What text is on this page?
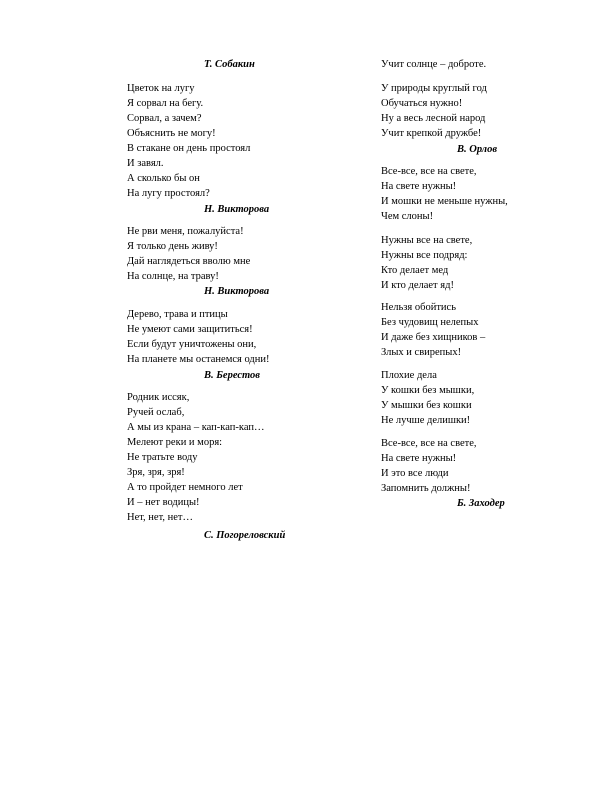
Т. Собакин
Цветок на лугу
Я сорвал на бегу.
Сорвал, а зачем?
Объяснить не могу!
В стакане он день простоял
И завял.
А сколько бы он
На лугу простоял?
Н. Викторова
Не рви меня, пожалуйста!
Я только день живу!
Дай наглядеться вволю мне
На солнце, на траву!
Н. Викторова
Дерево, трава и птицы
Не умеют сами защититься!
Если будут уничтожены они,
На планете мы останемся одни!
В. Берестов
Родник иссяк,
Ручей ослаб,
А мы из крана – кап-кап-кап…
Мелеют реки и моря:
Не тратьте воду
Зря, зря, зря!
А то пройдет немного лет
И – нет водицы!
Нет, нет, нет…
С. Погореловский
Учит солнце – доброте.
У природы круглый год
Обучаться нужно!
Ну а весь лесной народ
Учит крепкой дружбе!
В. Орлов
Все-все, все на свете,
На свете нужны!
И мошки не меньше нужны,
Чем слоны!
Нужны все на свете,
Нужны все подряд:
Кто делает мед
И кто делает яд!
Нельзя обойтись
Без чудовищ нелепых
И даже без хищников –
Злых и свирепых!
Плохие дела
У кошки без мышки,
У мышки без кошки
Не лучше делишки!
Все-все, все на свете,
На свете нужны!
И это все люди
Запомнить должны!
Б. Заходер
